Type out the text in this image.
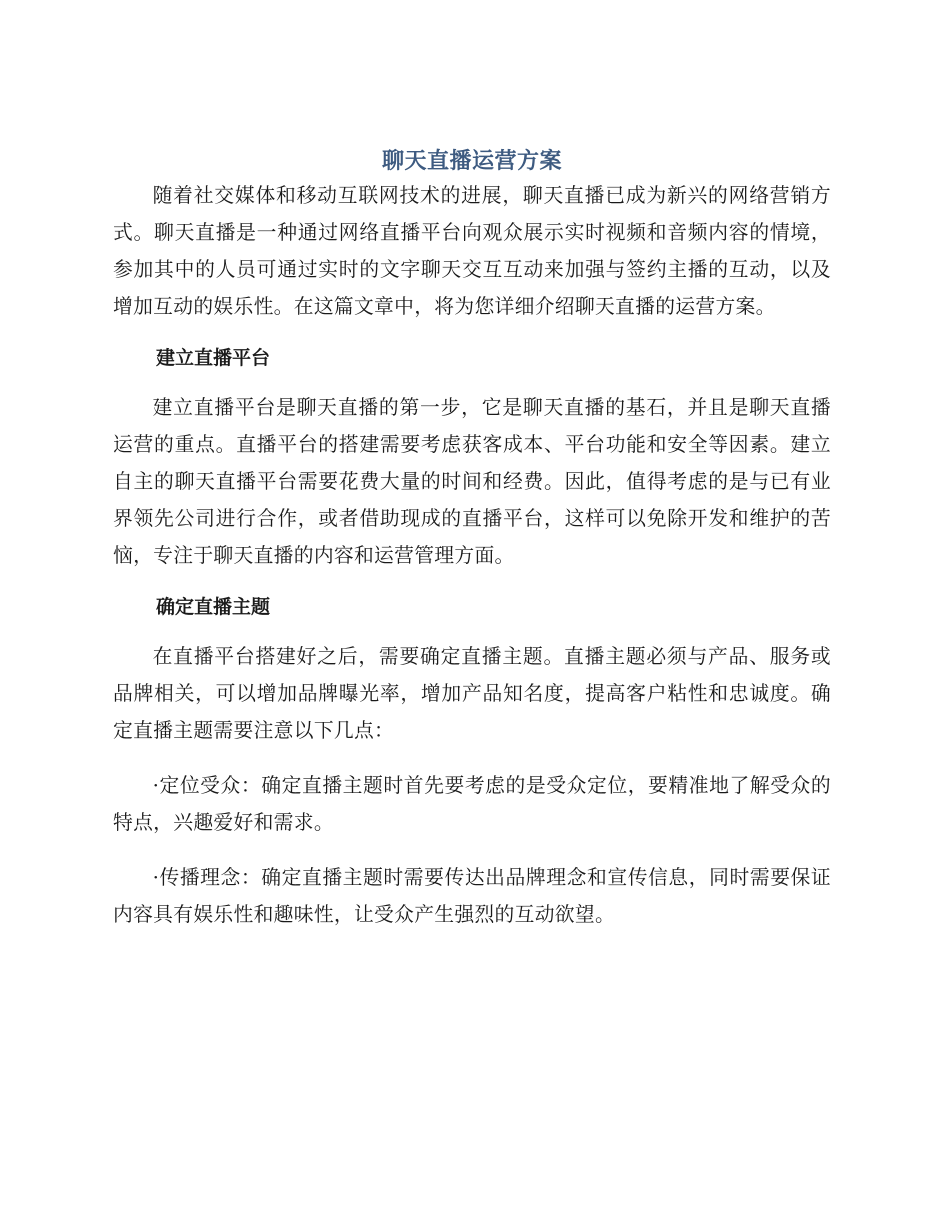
聊天直播运营方案

随着社交媒体和移动互联网技术的进展，聊天直播已成为新兴的网络营销方式。聊天直播是一种通过网络直播平台向观众展示实时视频和音频内容的情境，参加其中的人员可通过实时的文字聊天交互互动来加强与签约主播的互动，以及增加互动的娱乐性。在这篇文章中，将为您详细介绍聊天直播的运营方案。

建立直播平台

建立直播平台是聊天直播的第一步，它是聊天直播的基石，并且是聊天直播运营的重点。直播平台的搭建需要考虑获客成本、平台功能和安全等因素。建立自主的聊天直播平台需要花费大量的时间和经费。因此，值得考虑的是与已有业界领先公司进行合作，或者借助现成的直播平台，这样可以免除开发和维护的苦恼，专注于聊天直播的内容和运营管理方面。

确定直播主题

在直播平台搭建好之后，需要确定直播主题。直播主题必须与产品、服务或品牌相关，可以增加品牌曝光率，增加产品知名度，提高客户粘性和忠诚度。确定直播主题需要注意以下几点：

·定位受众：确定直播主题时首先要考虑的是受众定位，要精准地了解受众的特点，兴趣爱好和需求。

·传播理念：确定直播主题时需要传达出品牌理念和宣传信息，同时需要保证内容具有娱乐性和趣味性，让受众产生强烈的互动欲望。
